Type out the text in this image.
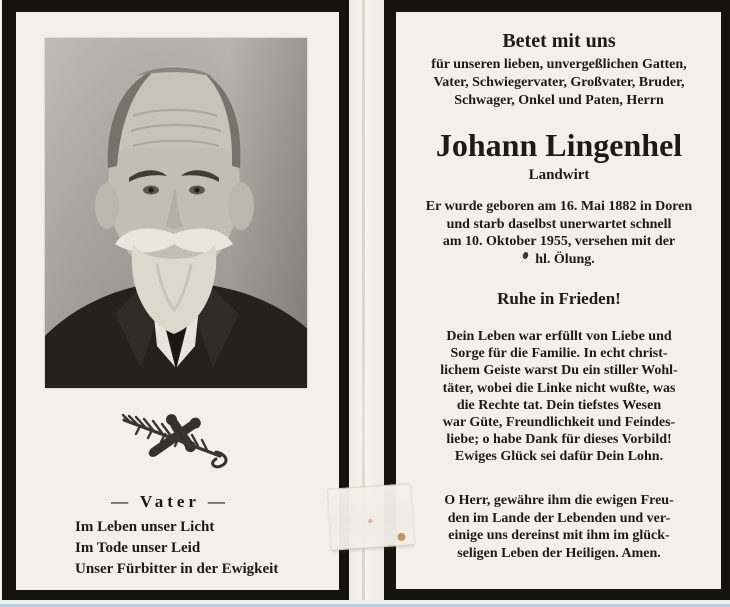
— Vater —
Im Leben unser Licht
Im Tode unser Leid
Unser Fürbitter in der Ewigkeit
Betet mit uns
für unseren lieben, unvergeßlichen Gatten,
Vater, Schwiegervater, Großvater, Bruder,
Schwager, Onkel und Paten, Herrn
Johann Lingenhel
Landwirt
Er wurde geboren am 16. Mai 1882 in Doren
und starb daselbst unerwartet schnell
am 10. Oktober 1955, versehen mit der
hl. Ölung.
Ruhe in Frieden!
Dein Leben war erfüllt von Liebe und
Sorge für die Familie. In echt christ-
lichem Geiste warst Du ein stiller Wohl-
täter, wobei die Linke nicht wußte, was
die Rechte tat. Dein tiefstes Wesen
war Güte, Freundlichkeit und Feindes-
liebe; o habe Dank für dieses Vorbild!
Ewiges Glück sei dafür Dein Lohn.
O Herr, gewähre ihm die ewigen Freu-
den im Lande der Lebenden und ver-
einige uns dereinst mit ihm im glück-
seligen Leben der Heiligen. Amen.
